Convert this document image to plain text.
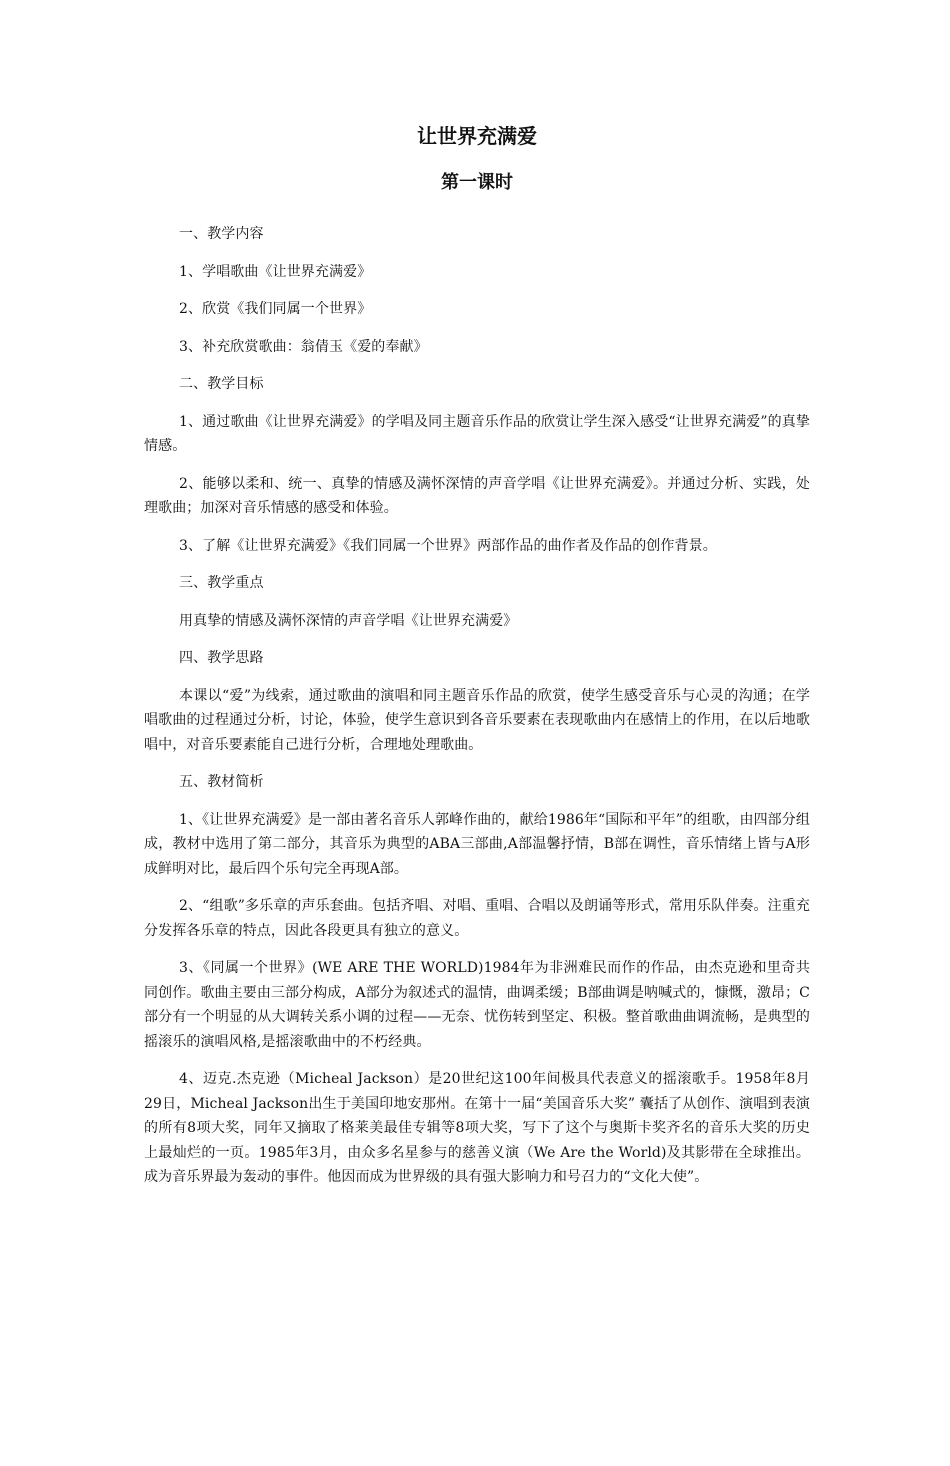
让世界充满爱
第一课时

一、教学内容

1、学唱歌曲《让世界充满爱》

2、欣赏《我们同属一个世界》

3、补充欣赏歌曲：翁倩玉《爱的奉献》

二、教学目标

1、通过歌曲《让世界充满爱》的学唱及同主题音乐作品的欣赏让学生深入感受“让世界充满爱”的真挚情感。

2、能够以柔和、统一、真挚的情感及满怀深情的声音学唱《让世界充满爱》。并通过分析、实践，处理歌曲；加深对音乐情感的感受和体验。

3、了解《让世界充满爱》《我们同属一个世界》两部作品的曲作者及作品的创作背景。

三、教学重点

用真挚的情感及满怀深情的声音学唱《让世界充满爱》

四、教学思路

本课以“爱”为线索，通过歌曲的演唱和同主题音乐作品的欣赏，使学生感受音乐与心灵的沟通；在学唱歌曲的过程通过分析，讨论，体验，使学生意识到各音乐要素在表现歌曲内在感情上的作用，在以后地歌唱中，对音乐要素能自己进行分析，合理地处理歌曲。

五、教材简析

1、《让世界充满爱》是一部由著名音乐人郭峰作曲的，献给1986年“国际和平年”的组歌，由四部分组成，教材中选用了第二部分，其音乐为典型的ABA三部曲,A部温馨抒情，B部在调性，音乐情绪上皆与A形成鲜明对比，最后四个乐句完全再现A部。

2、“组歌”多乐章的声乐套曲。包括齐唱、对唱、重唱、合唱以及朗诵等形式，常用乐队伴奏。注重充分发挥各乐章的特点，因此各段更具有独立的意义。

3、《同属一个世界》(WE ARE THE WORLD)1984年为非洲难民而作的作品，由杰克逊和里奇共同创作。歌曲主要由三部分构成，A部分为叙述式的温情，曲调柔缓；B部曲调是呐喊式的，慷慨，激昂；C部分有一个明显的从大调转关系小调的过程——无奈、忧伤转到坚定、积极。整首歌曲曲调流畅，是典型的摇滚乐的演唱风格,是摇滚歌曲中的不朽经典。

4、迈克.杰克逊（Micheal Jackson）是20世纪这100年间极具代表意义的摇滚歌手。1958年8月29日，Micheal Jackson出生于美国印地安那州。在第十一届“美国音乐大奖” 囊括了从创作、演唱到表演的所有8项大奖，同年又摘取了格莱美最佳专辑等8项大奖，写下了这个与奥斯卡奖齐名的音乐大奖的历史上最灿烂的一页。1985年3月，由众多名星参与的慈善义演（We Are the World)及其影带在全球推出。成为音乐界最为轰动的事件。他因而成为世界级的具有强大影响力和号召力的“文化大使”。
